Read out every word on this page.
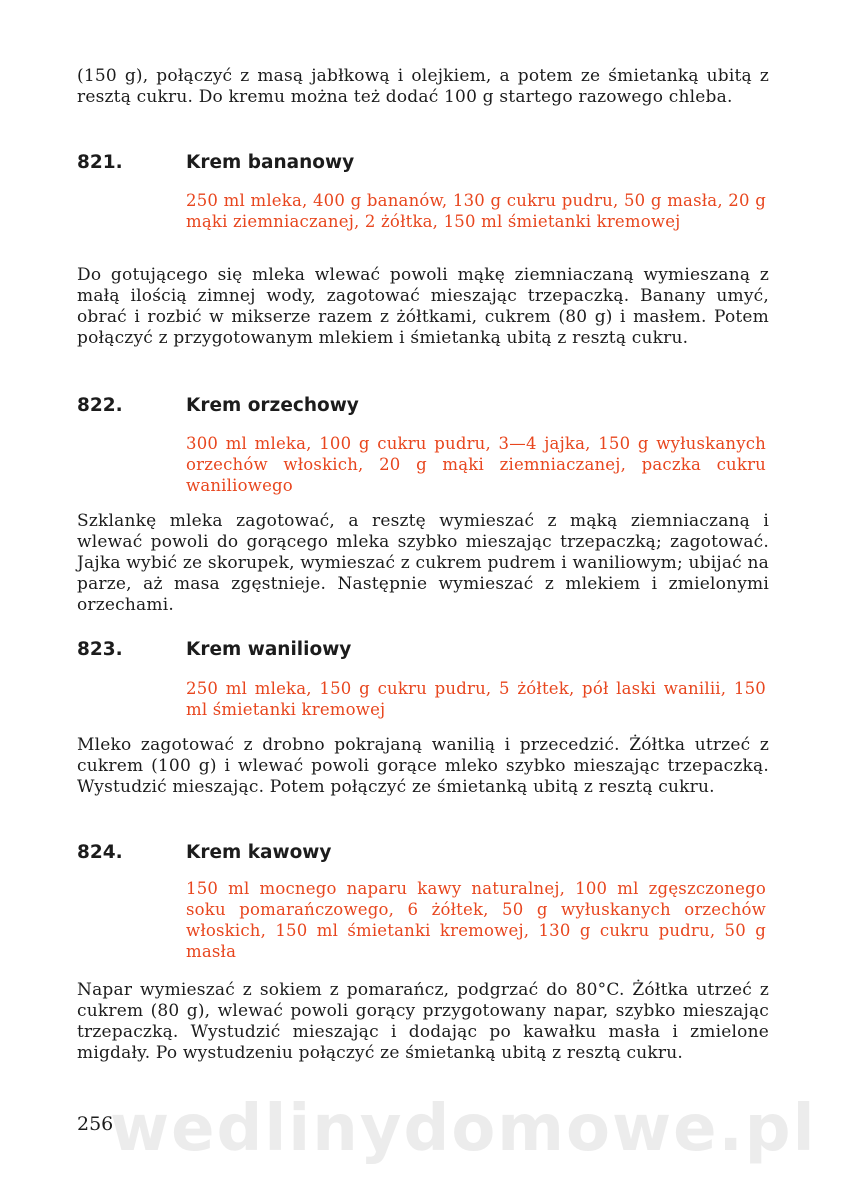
(150 g), połączyć z masą jabłkową i olejkiem, a potem ze śmietanką ubitą z resztą cukru. Do kremu można też dodać 100 g startego razowego chleba.

821.	Krem bananowy

250 ml mleka, 400 g bananów, 130 g cukru pudru, 50 g masła, 20 g mąki ziemniaczanej, 2 żółtka, 150 ml śmietanki kremowej

Do gotującego się mleka wlewać powoli mąkę ziemniaczaną wymieszaną z małą ilością zimnej wody, zagotować mieszając trzepaczką. Banany umyć, obrać i rozbić w mikserze razem z żółtkami, cukrem (80 g) i masłem. Potem połączyć z przygotowanym mlekiem i śmietanką ubitą z resztą cukru.

822.	Krem orzechowy

300 ml mleka, 100 g cukru pudru, 3—4 jajka, 150 g wyłuskanych orzechów włoskich, 20 g mąki ziemniaczanej, paczka cukru waniliowego

Szklankę mleka zagotować, a resztę wymieszać z mąką ziemniaczaną i wlewać powoli do gorącego mleka szybko mieszając trzepaczką; zagotować. Jajka wybić ze skorupek, wymieszać z cukrem pudrem i waniliowym; ubijać na parze, aż masa zgęstnieje. Następnie wymieszać z mlekiem i zmielonymi orzechami.

823.	Krem waniliowy

250 ml mleka, 150 g cukru pudru, 5 żółtek, pół laski wanilii, 150 ml śmietanki kremowej

Mleko zagotować z drobno pokrajaną wanilią i przecedzić. Żółtka utrzeć z cukrem (100 g) i wlewać powoli gorące mleko szybko mieszając trzepaczką. Wystudzić mieszając. Potem połączyć ze śmietanką ubitą z resztą cukru.

824.	Krem kawowy

150 ml mocnego naparu kawy naturalnej, 100 ml zgęszczonego soku pomarańczowego, 6 żółtek, 50 g wyłuskanych orzechów włoskich, 150 ml śmietanki kremowej, 130 g cukru pudru, 50 g masła

Napar wymieszać z sokiem z pomarańcz, podgrzać do 80°C. Żółtka utrzeć z cukrem (80 g), wlewać powoli gorący przygotowany napar, szybko mieszając trzepaczką. Wystudzić mieszając i dodając po kawałku masła i zmielone migdały. Po wystudzeniu połączyć ze śmietanką ubitą z resztą cukru.

wedlinydomowe.pl
256
